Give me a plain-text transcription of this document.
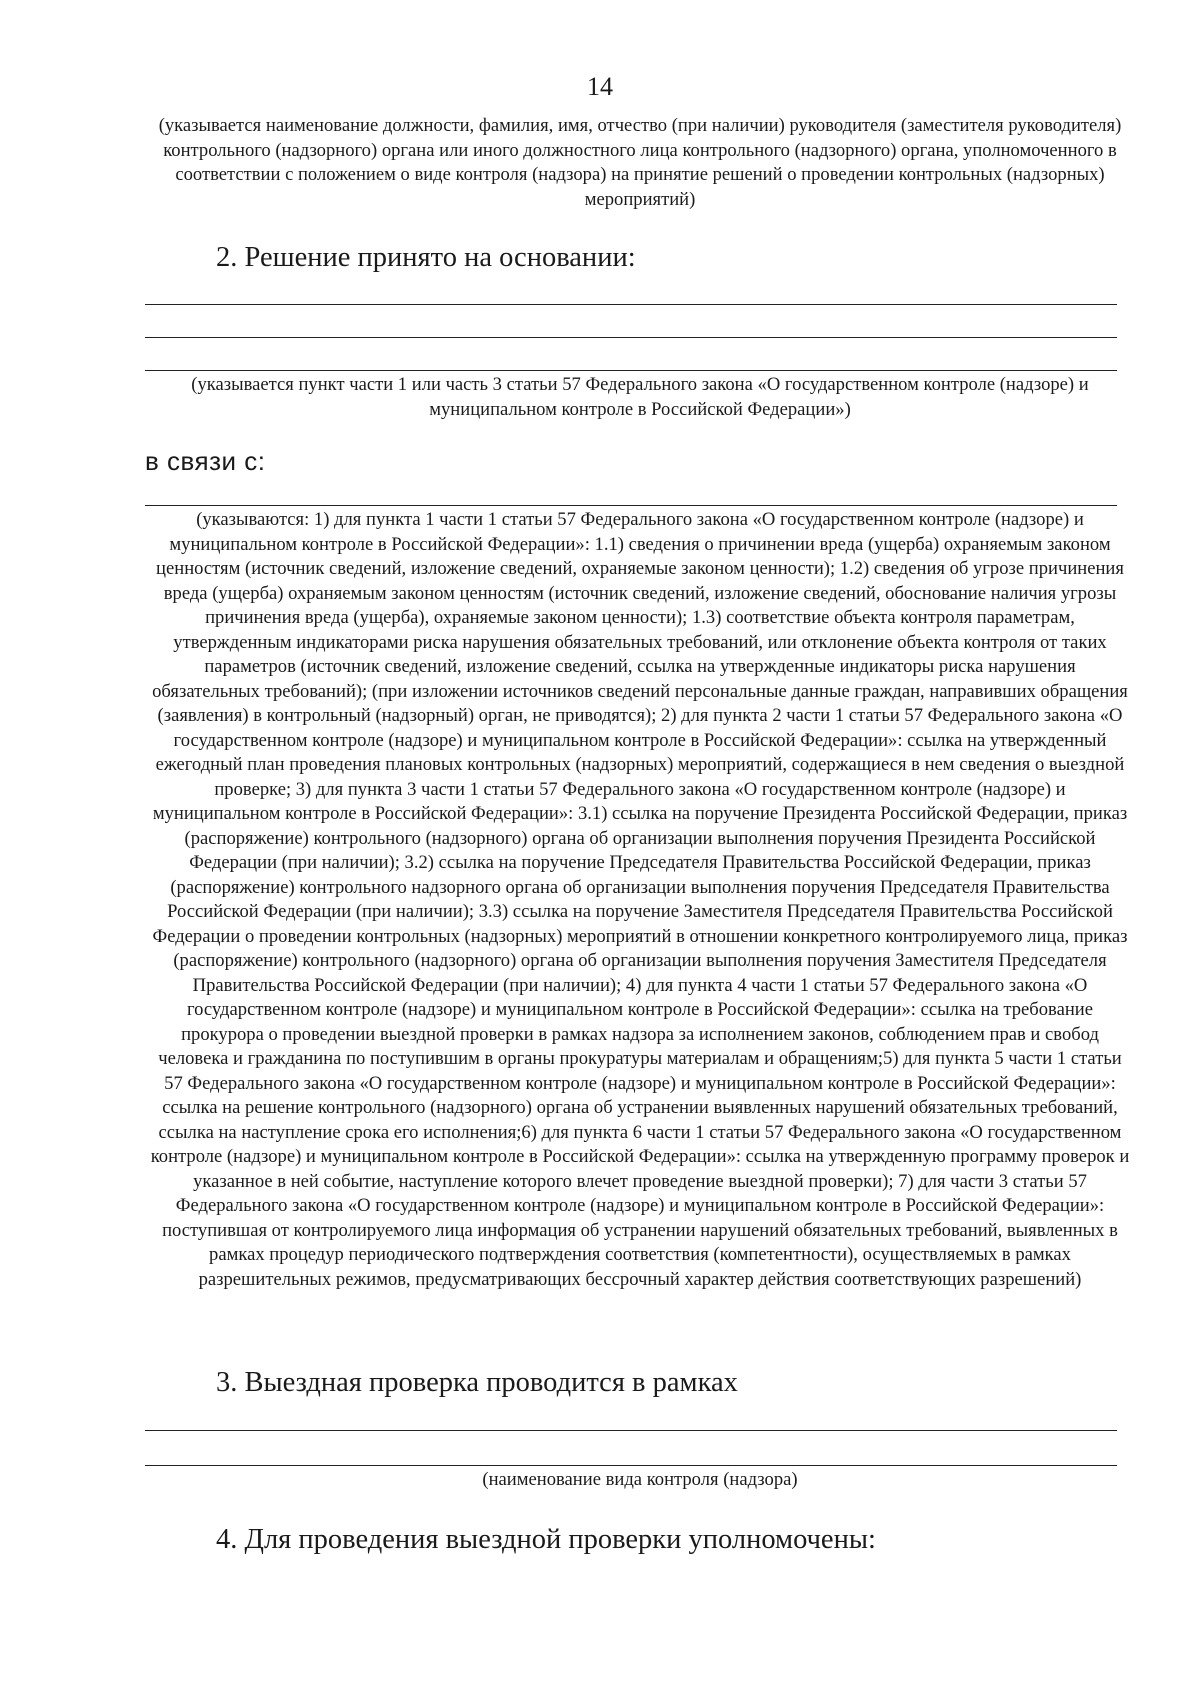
14
(указывается наименование должности, фамилия, имя, отчество (при наличии) руководителя (заместителя руководителя) контрольного (надзорного) органа или иного должностного лица контрольного (надзорного) органа, уполномоченного в соответствии с положением о виде контроля (надзора) на принятие решений о проведении контрольных (надзорных) мероприятий)
2. Решение принято на основании:
(указывается пункт части 1 или часть 3 статьи 57 Федерального закона «О государственном контроле (надзоре) и муниципальном контроле в Российской Федерации»)
в связи с:
(указываются: 1) для пункта 1 части 1 статьи 57 Федерального закона «О государственном контроле (надзоре) и муниципальном контроле в Российской Федерации»: 1.1) сведения о причинении вреда (ущерба) охраняемым законом ценностям (источник сведений, изложение сведений, охраняемые законом ценности); 1.2) сведения об угрозе причинения вреда (ущерба) охраняемым законом ценностям (источник сведений, изложение сведений, обоснование наличия угрозы причинения вреда (ущерба), охраняемые законом ценности); 1.3) соответствие объекта контроля параметрам, утвержденным индикаторами риска нарушения обязательных требований, или отклонение объекта контроля от таких параметров (источник сведений, изложение сведений, ссылка на утвержденные индикаторы риска нарушения обязательных требований); (при изложении источников сведений персональные данные граждан, направивших обращения (заявления) в контрольный (надзорный) орган, не приводятся); 2) для пункта 2 части 1 статьи 57 Федерального закона «О государственном контроле (надзоре) и муниципальном контроле в Российской Федерации»: ссылка на утвержденный ежегодный план проведения плановых контрольных (надзорных) мероприятий, содержащиеся в нем сведения о выездной проверке; 3) для пункта 3 части 1 статьи 57 Федерального закона «О государственном контроле (надзоре) и муниципальном контроле в Российской Федерации»: 3.1) ссылка на поручение Президента Российской Федерации, приказ (распоряжение) контрольного (надзорного) органа об организации выполнения поручения Президента Российской Федерации (при наличии); 3.2) ссылка на поручение Председателя Правительства Российской Федерации, приказ (распоряжение) контрольного надзорного органа об организации выполнения поручения Председателя Правительства Российской Федерации (при наличии); 3.3) ссылка на поручение Заместителя Председателя Правительства Российской Федерации о проведении контрольных (надзорных) мероприятий в отношении конкретного контролируемого лица, приказ (распоряжение) контрольного (надзорного) органа об организации выполнения поручения Заместителя Председателя Правительства Российской Федерации (при наличии); 4) для пункта 4 части 1 статьи 57 Федерального закона «О государственном контроле (надзоре) и муниципальном контроле в Российской Федерации»: ссылка на требование прокурора о проведении выездной проверки в рамках надзора за исполнением законов, соблюдением прав и свобод человека и гражданина по поступившим в органы прокуратуры материалам и обращениям;5) для пункта 5 части 1 статьи 57 Федерального закона «О государственном контроле (надзоре) и муниципальном контроле в Российской Федерации»: ссылка на решение контрольного (надзорного) органа об устранении выявленных нарушений обязательных требований, ссылка на наступление срока его исполнения;6) для пункта 6 части 1 статьи 57 Федерального закона «О государственном контроле (надзоре) и муниципальном контроле в Российской Федерации»: ссылка на утвержденную программу проверок и указанное в ней событие, наступление которого влечет проведение выездной проверки); 7) для части 3 статьи 57 Федерального закона «О государственном контроле (надзоре) и муниципальном контроле в Российской Федерации»: поступившая от контролируемого лица информация об устранении нарушений обязательных требований, выявленных в рамках процедур периодического подтверждения соответствия (компетентности), осуществляемых в рамках разрешительных режимов, предусматривающих бессрочный характер действия соответствующих разрешений)
3. Выездная проверка проводится в рамках
(наименование вида контроля (надзора)
4. Для проведения выездной проверки уполномочены:
